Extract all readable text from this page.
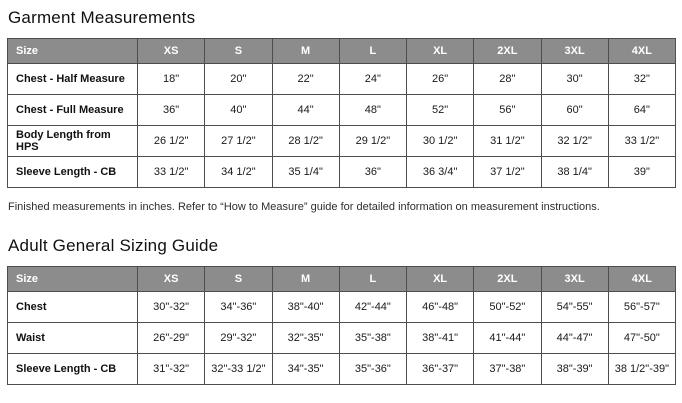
Garment Measurements
Size	XS	S	M	L	XL	2XL	3XL	4XL
Chest - Half Measure	18"	20"	22"	24"	26"	28"	30"	32"
Chest - Full Measure	36"	40"	44"	48"	52"	56"	60"	64"
Body Length from HPS	26 1/2"	27 1/2"	28 1/2"	29 1/2"	30 1/2"	31 1/2"	32 1/2"	33 1/2"
Sleeve Length - CB	33 1/2"	34 1/2"	35 1/4"	36"	36 3/4"	37 1/2"	38 1/4"	39"

Finished measurements in inches. Refer to “How to Measure” guide for detailed information on measurement instructions.

Adult General Sizing Guide
Size	XS	S	M	L	XL	2XL	3XL	4XL
Chest	30"-32"	34"-36"	38"-40"	42"-44"	46"-48"	50"-52"	54"-55"	56"-57"
Waist	26"-29"	29"-32"	32"-35"	35"-38"	38"-41"	41"-44"	44"-47"	47"-50"
Sleeve Length - CB	31"-32"	32"-33 1/2"	34"-35"	35"-36"	36"-37"	37"-38"	38"-39"	38 1/2"-39"
